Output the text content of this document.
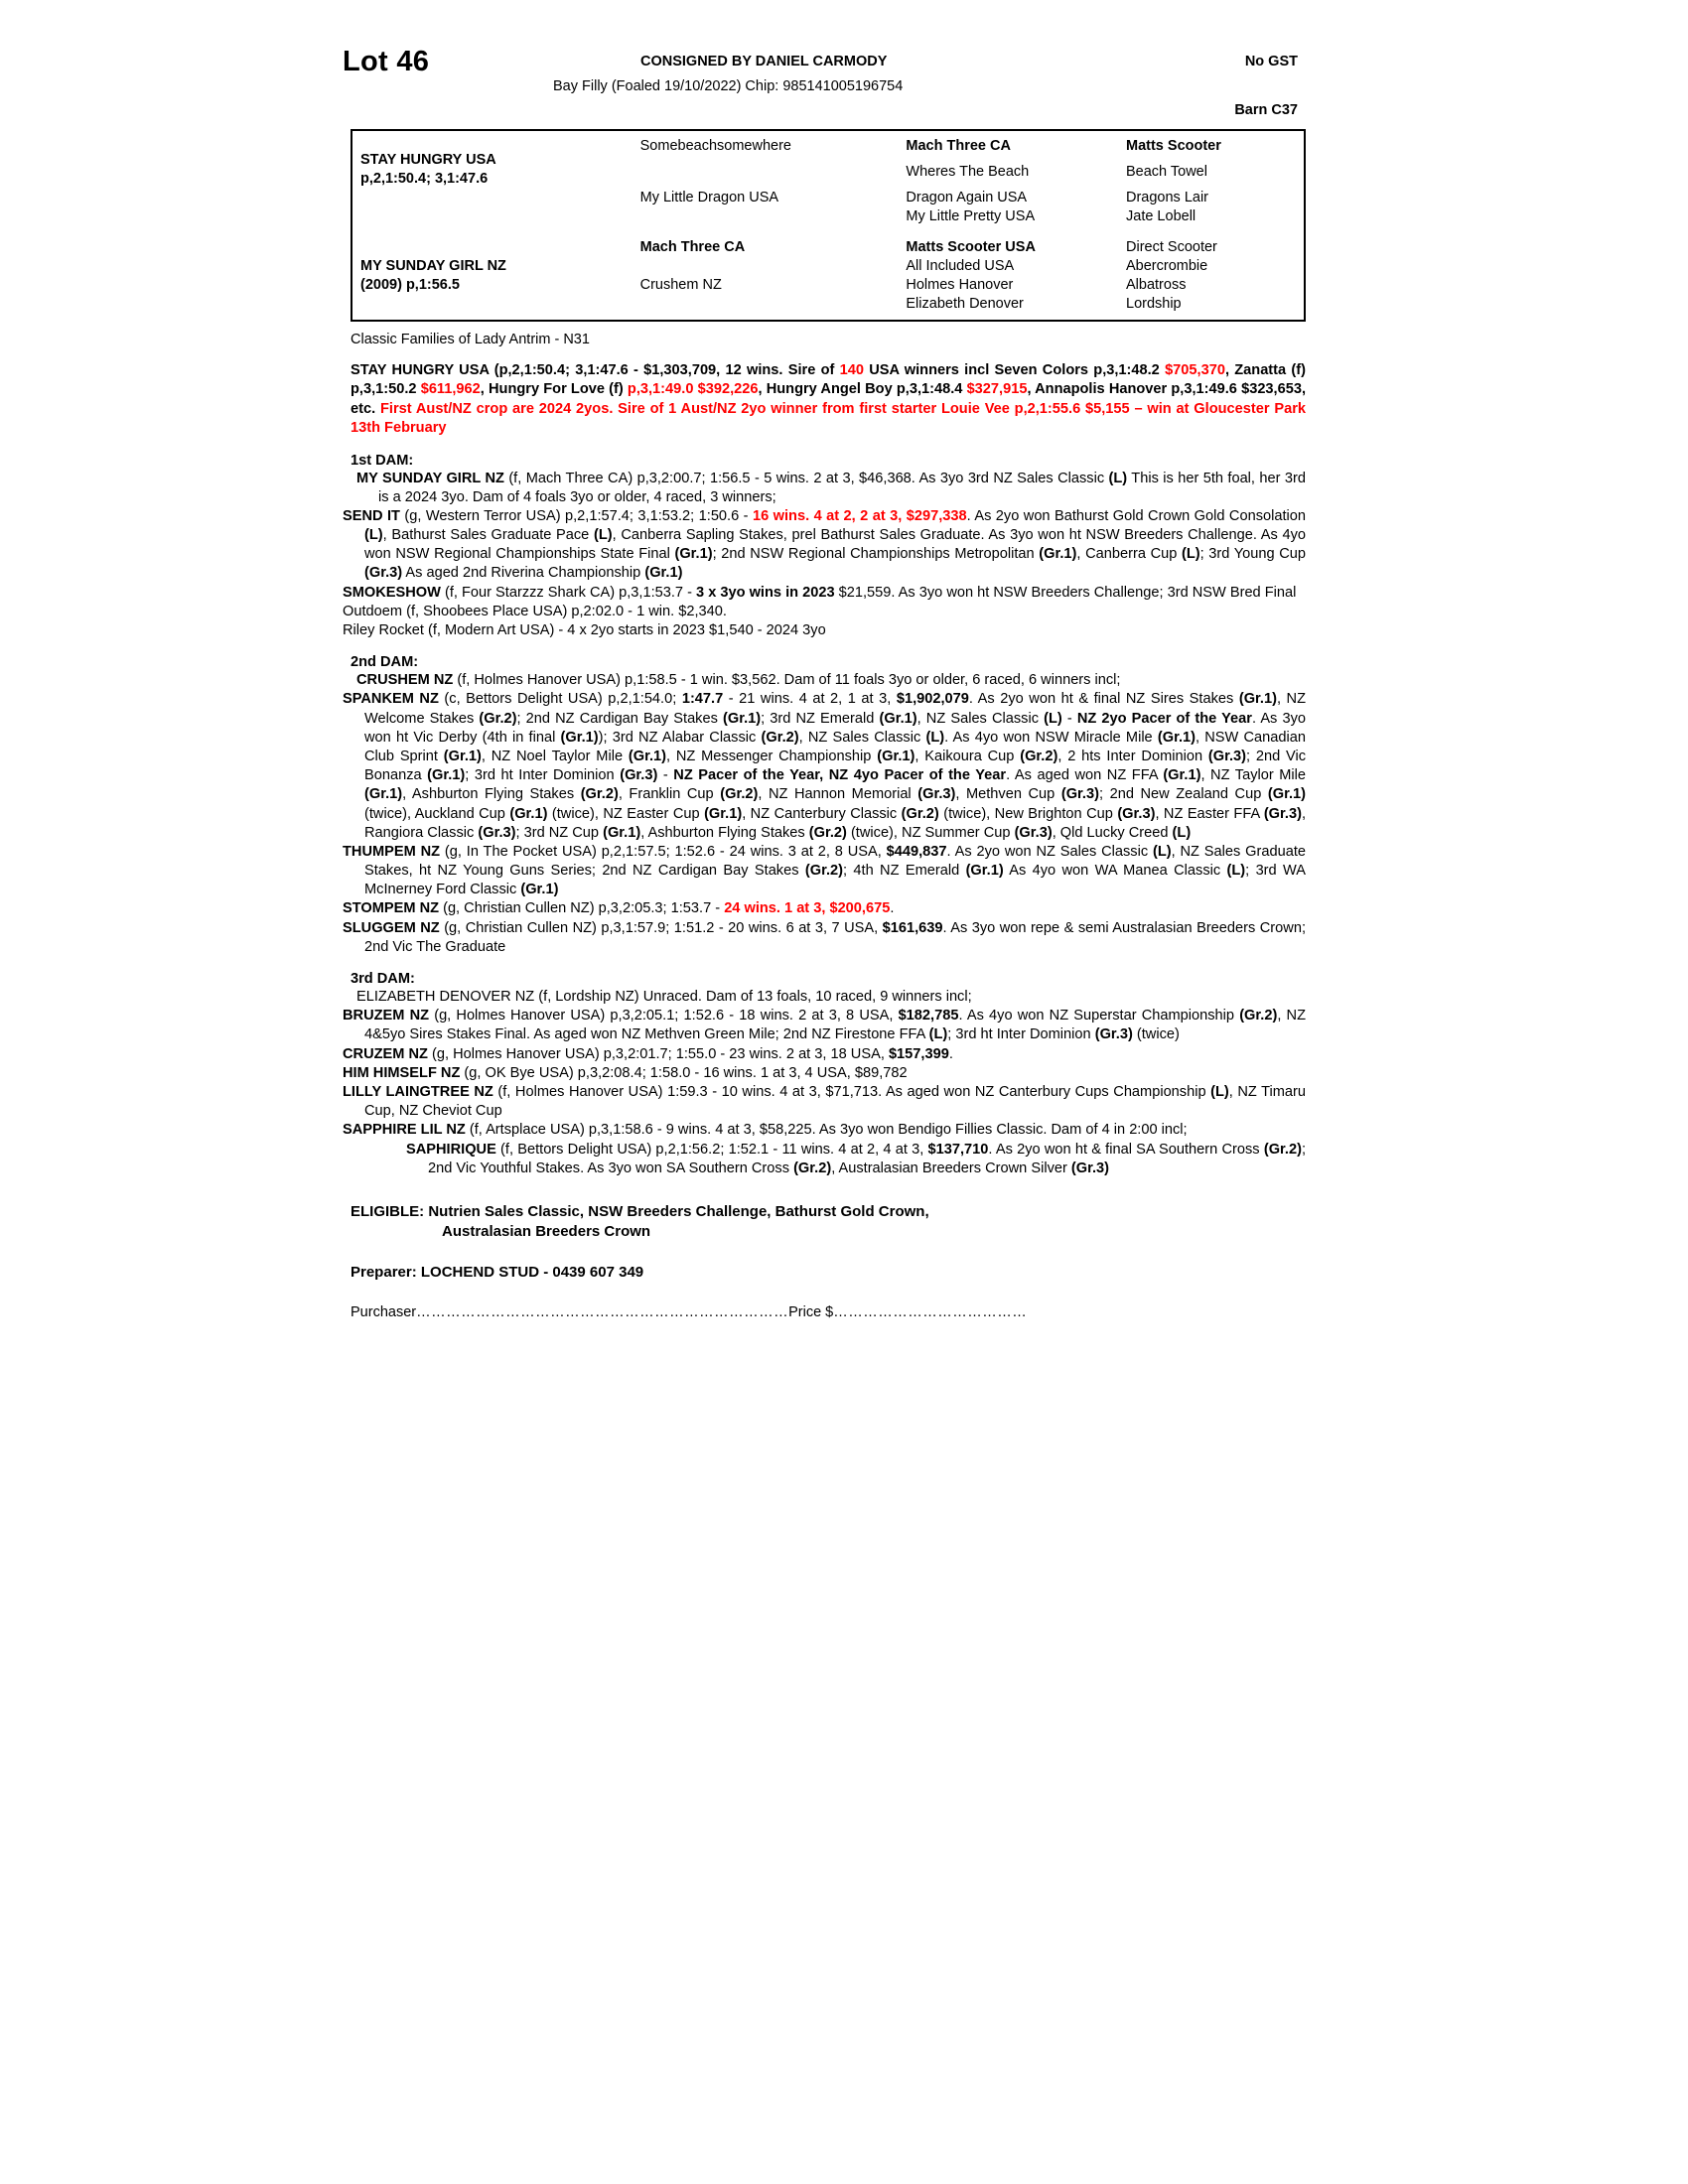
Lot 46	CONSIGNED BY DANIEL CARMODY	No GST
Bay Filly (Foaled 19/10/2022) Chip: 985141005196754
Barn C37
STAY HUNGRY USA
p,2,1:50.4; 3,1:47.6	Somebeachsomewhere	Mach Three CA	Matts Scooter
		Wheres The Beach	Beach Towel
	My Little Dragon USA	Dragon Again USA	Dragons Lair
		My Little Pretty USA	Jate Lobell
	Mach Three CA	Matts Scooter USA	Direct Scooter
MY SUNDAY GIRL NZ		All Included USA	Abercrombie
(2009) p,1:56.5	Crushem NZ	Holmes Hanover	Albatross
		Elizabeth Denover	Lordship
Classic Families of Lady Antrim - N31
STAY HUNGRY USA (p,2,1:50.4; 3,1:47.6 - $1,303,709, 12 wins. Sire of 140 USA winners incl Seven Colors p,3,1:48.2 $705,370, Zanatta (f) p,3,1:50.2 $611,962, Hungry For Love (f) p,3,1:49.0 $392,226, Hungry Angel Boy p,3,1:48.4 $327,915, Annapolis Hanover p,3,1:49.6 $323,653, etc. First Aust/NZ crop are 2024 2yos. Sire of 1 Aust/NZ 2yo winner from first starter Louie Vee p,2,1:55.6 $5,155 – win at Gloucester Park 13th February
1st DAM:

MY SUNDAY GIRL NZ (f, Mach Three CA) p,3,2:00.7; 1:56.5 - 5 wins. 2 at 3, $46,368. As 3yo 3rd NZ Sales Classic (L) This is her 5th foal, her 3rd is a 2024 3yo. Dam of 4 foals 3yo or older, 4 raced, 3 winners;

SEND IT (g, Western Terror USA) p,2,1:57.4; 3,1:53.2; 1:50.6 - 16 wins. 4 at 2, 2 at 3, $297,338. As 2yo won Bathurst Gold Crown Gold Consolation (L), Bathurst Sales Graduate Pace (L), Canberra Sapling Stakes, prel Bathurst Sales Graduate. As 3yo won ht NSW Breeders Challenge. As 4yo won NSW Regional Championships State Final (Gr.1); 2nd NSW Regional Championships Metropolitan (Gr.1), Canberra Cup (L); 3rd Young Cup (Gr.3) As aged 2nd Riverina Championship (Gr.1)

SMOKESHOW (f, Four Starzzz Shark CA) p,3,1:53.7 - 3 x 3yo wins in 2023 $21,559. As 3yo won ht NSW Breeders Challenge; 3rd NSW Bred Final

Outdoem (f, Shoobees Place USA) p,2:02.0 - 1 win. $2,340.

Riley Rocket (f, Modern Art USA) - 4 x 2yo starts in 2023 $1,540 - 2024 3yo

2nd DAM:

CRUSHEM NZ (f, Holmes Hanover USA) p,1:58.5 - 1 win. $3,562. Dam of 11 foals 3yo or older, 6 raced, 6 winners incl;

SPANKEM NZ (c, Bettors Delight USA) p,2,1:54.0; 1:47.7 - 21 wins. 4 at 2, 1 at 3, $1,902,079. As 2yo won ht & final NZ Sires Stakes (Gr.1), NZ Welcome Stakes (Gr.2); 2nd NZ Cardigan Bay Stakes (Gr.1); 3rd NZ Emerald (Gr.1), NZ Sales Classic (L) - NZ 2yo Pacer of the Year. As 3yo won ht Vic Derby (4th in final (Gr.1)); 3rd NZ Alabar Classic (Gr.2), NZ Sales Classic (L). As 4yo won NSW Miracle Mile (Gr.1), NSW Canadian Club Sprint (Gr.1), NZ Noel Taylor Mile (Gr.1), NZ Messenger Championship (Gr.1), Kaikoura Cup (Gr.2), 2 hts Inter Dominion (Gr.3); 2nd Vic Bonanza (Gr.1); 3rd ht Inter Dominion (Gr.3) - NZ Pacer of the Year, NZ 4yo Pacer of the Year. As aged won NZ FFA (Gr.1), NZ Taylor Mile (Gr.1), Ashburton Flying Stakes (Gr.2), Franklin Cup (Gr.2), NZ Hannon Memorial (Gr.3), Methven Cup (Gr.3); 2nd New Zealand Cup (Gr.1) (twice), Auckland Cup (Gr.1) (twice), NZ Easter Cup (Gr.1), NZ Canterbury Classic (Gr.2) (twice), New Brighton Cup (Gr.3), NZ Easter FFA (Gr.3), Rangiora Classic (Gr.3); 3rd NZ Cup (Gr.1), Ashburton Flying Stakes (Gr.2) (twice), NZ Summer Cup (Gr.3), Qld Lucky Creed (L)

THUMPEM NZ (g, In The Pocket USA) p,2,1:57.5; 1:52.6 - 24 wins. 3 at 2, 8 USA, $449,837. As 2yo won NZ Sales Classic (L), NZ Sales Graduate Stakes, ht NZ Young Guns Series; 2nd NZ Cardigan Bay Stakes (Gr.2); 4th NZ Emerald (Gr.1) As 4yo won WA Manea Classic (L); 3rd WA McInerney Ford Classic (Gr.1)

STOMPEM NZ (g, Christian Cullen NZ) p,3,2:05.3; 1:53.7 - 24 wins. 1 at 3, $200,675.

SLUGGEM NZ (g, Christian Cullen NZ) p,3,1:57.9; 1:51.2 - 20 wins. 6 at 3, 7 USA, $161,639. As 3yo won repe & semi Australasian Breeders Crown; 2nd Vic The Graduate

3rd DAM:

ELIZABETH DENOVER NZ (f, Lordship NZ) Unraced. Dam of 13 foals, 10 raced, 9 winners incl;

BRUZEM NZ (g, Holmes Hanover USA) p,3,2:05.1; 1:52.6 - 18 wins. 2 at 3, 8 USA, $182,785. As 4yo won NZ Superstar Championship (Gr.2), NZ 4&5yo Sires Stakes Final. As aged won NZ Methven Green Mile; 2nd NZ Firestone FFA (L); 3rd ht Inter Dominion (Gr.3) (twice)

CRUZEM NZ (g, Holmes Hanover USA) p,3,2:01.7; 1:55.0 - 23 wins. 2 at 3, 18 USA, $157,399.

HIM HIMSELF NZ (g, OK Bye USA) p,3,2:08.4; 1:58.0 - 16 wins. 1 at 3, 4 USA, $89,782

LILLY LAINGTREE NZ (f, Holmes Hanover USA) 1:59.3 - 10 wins. 4 at 3, $71,713. As aged won NZ Canterbury Cups Championship (L), NZ Timaru Cup, NZ Cheviot Cup

SAPPHIRE LIL NZ (f, Artsplace USA) p,3,1:58.6 - 9 wins. 4 at 3, $58,225. As 3yo won Bendigo Fillies Classic. Dam of 4 in 2:00 incl;

SAPHIRIQUE (f, Bettors Delight USA) p,2,1:56.2; 1:52.1 - 11 wins. 4 at 2, 4 at 3, $137,710. As 2yo won ht & final SA Southern Cross (Gr.2); 2nd Vic Youthful Stakes. As 3yo won SA Southern Cross (Gr.2), Australasian Breeders Crown Silver (Gr.3)

ELIGIBLE: Nutrien Sales Classic, NSW Breeders Challenge, Bathurst Gold Crown,
Australasian Breeders Crown
Preparer: LOCHEND STUD - 0439 607 349
Purchaser…………………………………………………………………Price $…………………………………
